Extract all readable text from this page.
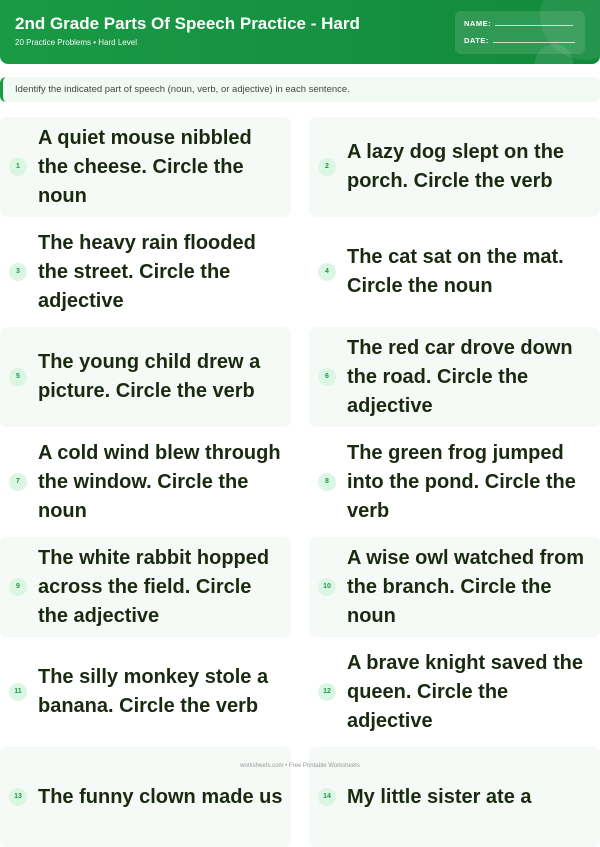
2nd Grade Parts Of Speech Practice - Hard
20 Practice Problems • Hard Level
NAME:
DATE:
Identify the indicated part of speech (noun, verb, or adjective) in each sentence.
1
A quiet mouse nibbled the cheese. Circle the noun
2
A lazy dog slept on the porch. Circle the verb
3
The heavy rain flooded the street. Circle the adjective
4
The cat sat on the mat. Circle the noun
5
The young child drew a picture. Circle the verb
6
The red car drove down the road. Circle the adjective
7
A cold wind blew through the window. Circle the noun
8
The green frog jumped into the pond. Circle the verb
9
The white rabbit hopped across the field. Circle the adjective
10
A wise owl watched from the branch. Circle the noun
11
The silly monkey stole a banana. Circle the verb
12
A brave knight saved the queen. Circle the adjective
13 The funny clown made us	14 My little sister ate a
worksheets.com • Free Printable Worksheets
